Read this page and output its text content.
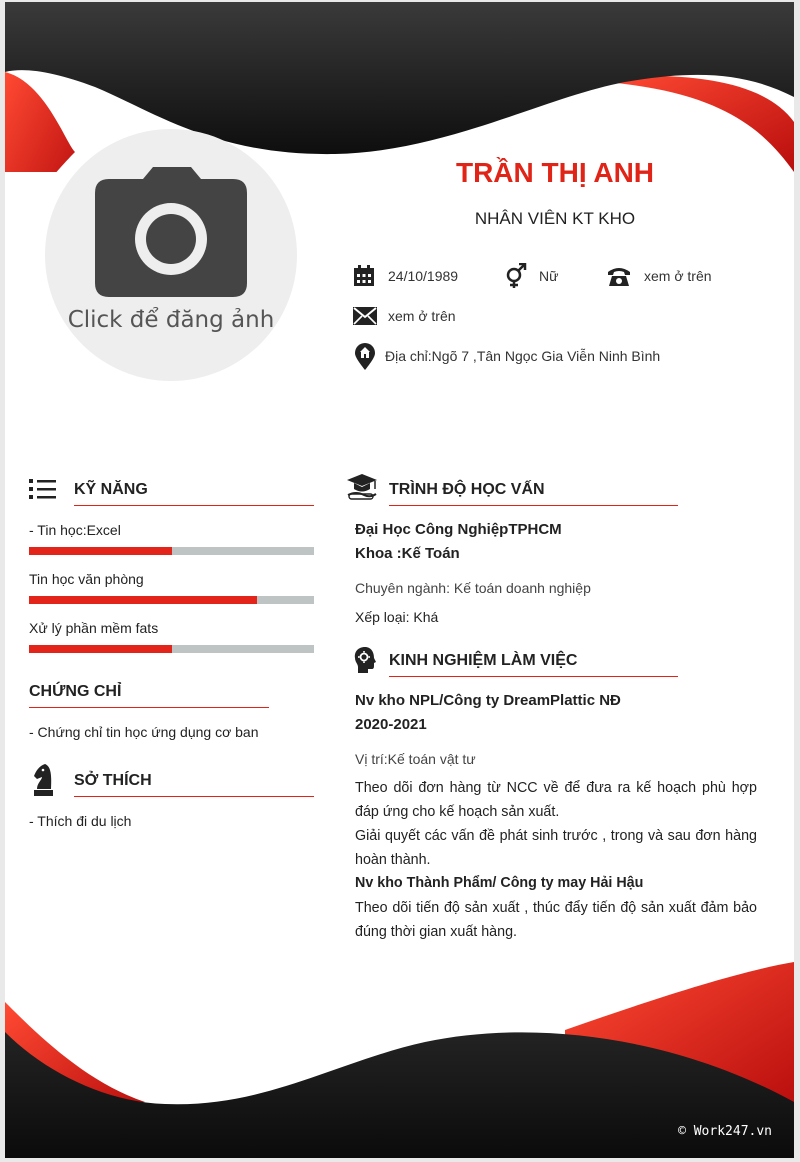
Click để đăng ảnh
TRẦN THỊ ANH
NHÂN VIÊN KT KHO
24/10/1989	Nữ	xem ở trên
xem ở trên
Địa chỉ:Ngõ 7 ,Tân Ngọc Gia Viễn Ninh Bình
KỸ NĂNG
- Tin học:Excel
Tin học văn phòng
Xử lý phần mềm fats
CHỨNG CHỈ
- Chứng chỉ tin học ứng dụng cơ ban
SỞ THÍCH
- Thích đi du lịch
TRÌNH ĐỘ HỌC VẤN
Đại Học Công NghiệpTPHCM
Khoa :Kế Toán
Chuyên ngành: Kế toán doanh nghiệp
Xếp loại: Khá
KINH NGHIỆM LÀM VIỆC
Nv kho NPL/Công ty DreamPlattic NĐ
2020-2021
Vị trí:Kế toán vật tư
Theo dõi đơn hàng từ NCC về để đưa ra kế hoạch phù hợp đáp ứng cho kế hoạch sản xuất.
Giải quyết các vấn đề phát sinh trước , trong và sau đơn hàng hoàn thành.
Nv kho Thành Phẩm/ Công ty may Hải Hậu
Theo dõi tiến độ sản xuất , thúc đẩy tiến độ sản xuất đảm bảo đúng thời gian xuất hàng.
© Work247.vn
